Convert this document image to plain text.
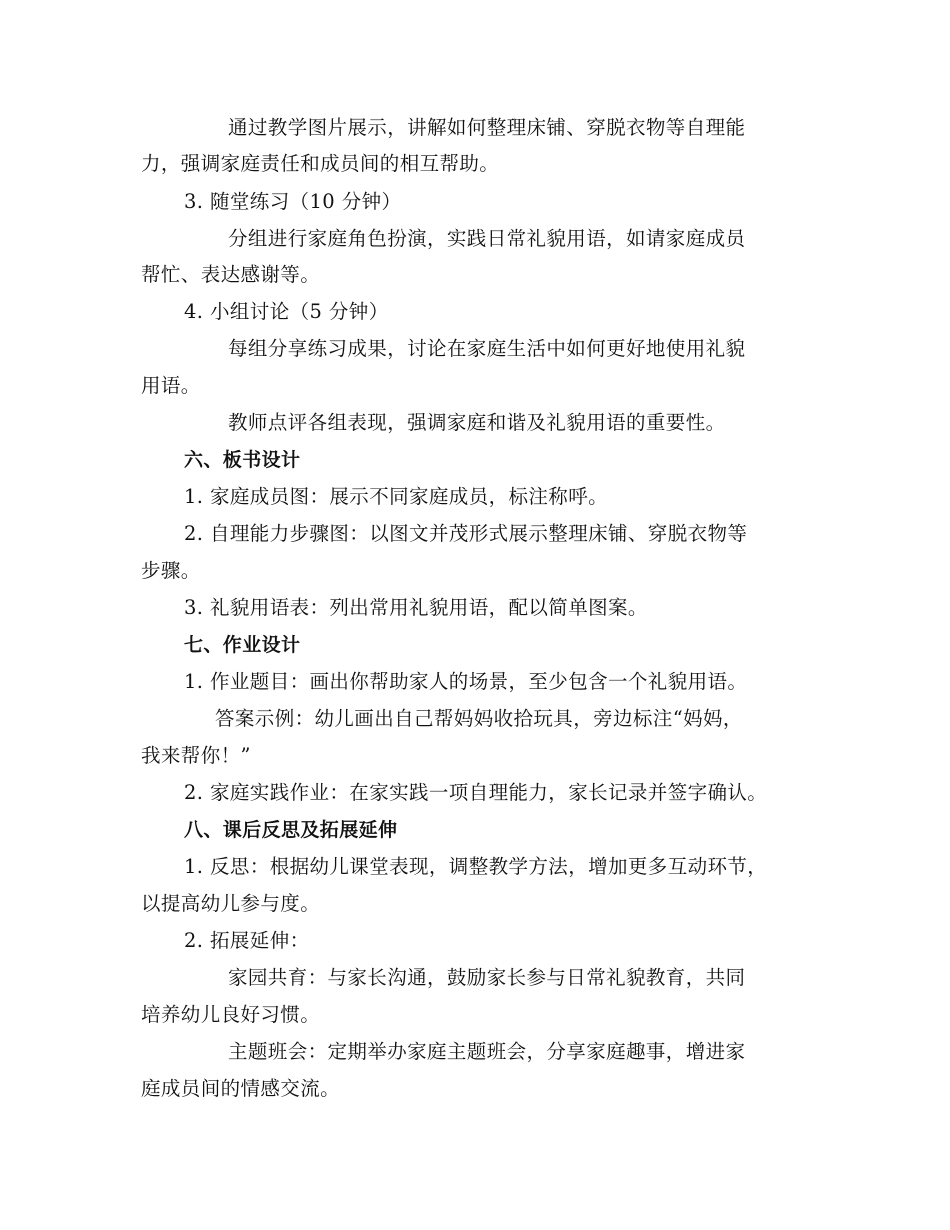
通过教学图片展示，讲解如何整理床铺、穿脱衣物等自理能
力，强调家庭责任和成员间的相互帮助。
3. 随堂练习（10 分钟）
分组进行家庭角色扮演，实践日常礼貌用语，如请家庭成员
帮忙、表达感谢等。
4. 小组讨论（5 分钟）
每组分享练习成果，讨论在家庭生活中如何更好地使用礼貌
用语。
教师点评各组表现，强调家庭和谐及礼貌用语的重要性。
六、板书设计
1. 家庭成员图：展示不同家庭成员，标注称呼。
2. 自理能力步骤图：以图文并茂形式展示整理床铺、穿脱衣物等
步骤。
3. 礼貌用语表：列出常用礼貌用语，配以简单图案。
七、作业设计
1. 作业题目：画出你帮助家人的场景，至少包含一个礼貌用语。
答案示例：幼儿画出自己帮妈妈收拾玩具，旁边标注“妈妈，
我来帮你！”
2. 家庭实践作业：在家实践一项自理能力，家长记录并签字确认。
八、课后反思及拓展延伸
1. 反思：根据幼儿课堂表现，调整教学方法，增加更多互动环节，
以提高幼儿参与度。
2. 拓展延伸：
家园共育：与家长沟通，鼓励家长参与日常礼貌教育，共同
培养幼儿良好习惯。
主题班会：定期举办家庭主题班会，分享家庭趣事，增进家
庭成员间的情感交流。
